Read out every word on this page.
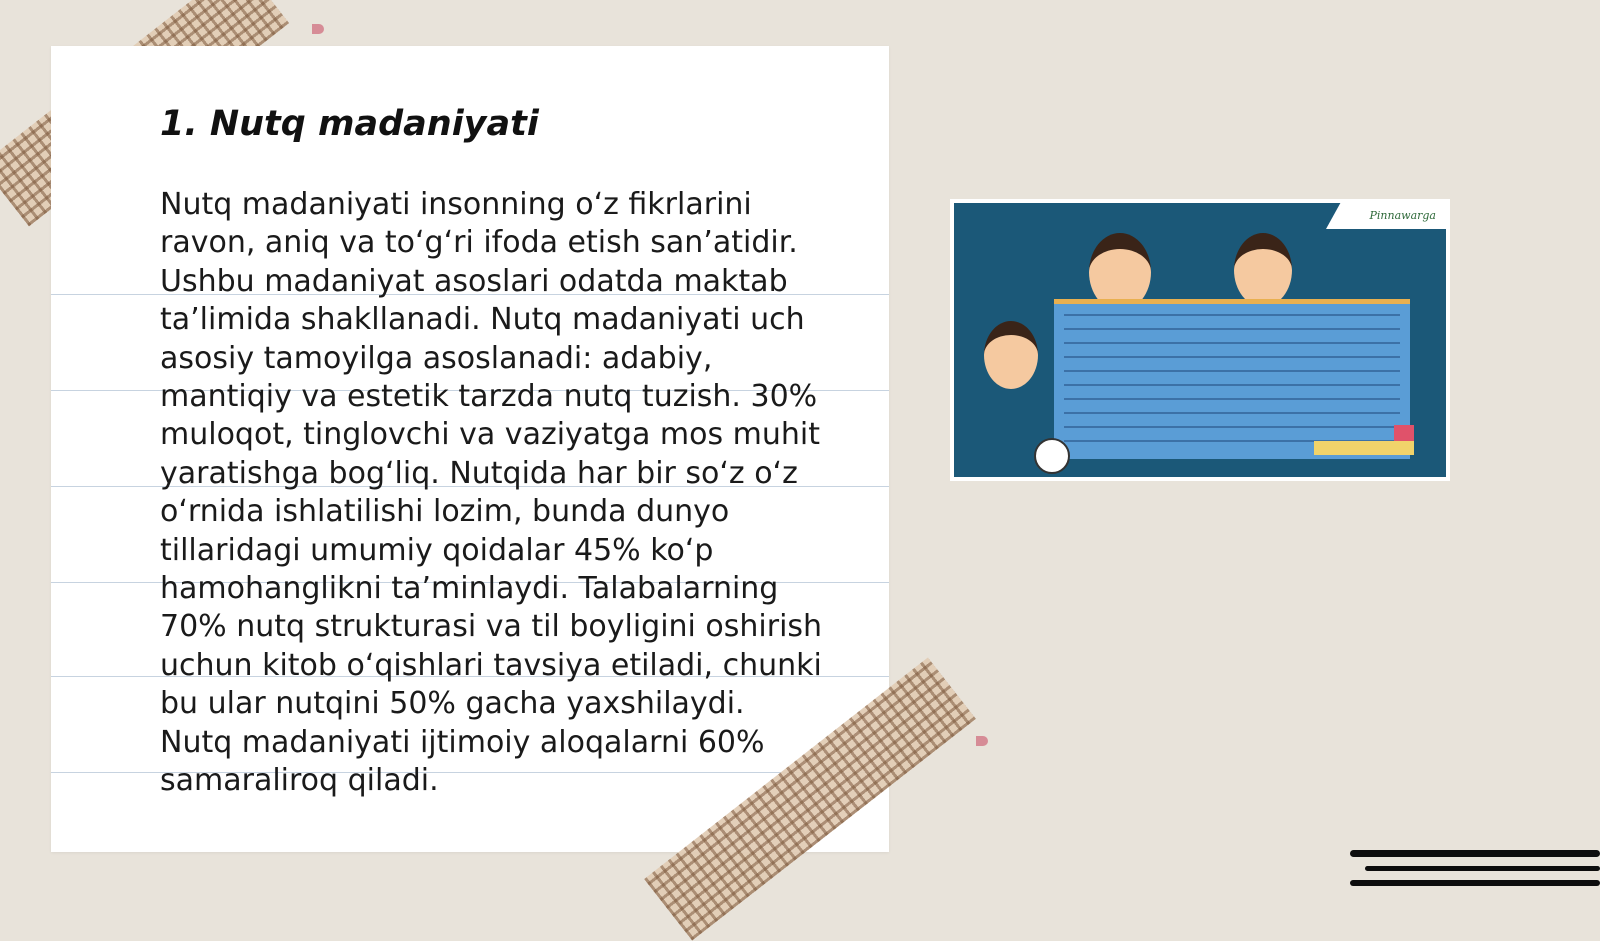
1. Nutq madaniyati

Nutq madaniyati insonning o‘z fikrlarini ravon, aniq va to‘g‘ri ifoda etish san’atidir. Ushbu madaniyat asoslari odatda maktab ta’limida shakllanadi. Nutq madaniyati uch asosiy tamoyilga asoslanadi: adabiy, mantiqiy va estetik tarzda nutq tuzish. 30% muloqot, tinglovchi va vaziyatga mos muhit yaratishga bog‘liq. Nutqida har bir so‘z o‘z o‘rnida ishlatilishi lozim, bunda dunyo tillaridagi umumiy qoidalar 45% ko‘p hamohanglikni ta’minlaydi. Talabalarning 70% nutq strukturasi va til boyligini oshirish uchun kitob o‘qishlari tavsiya etiladi, chunki bu ular nutqini 50% gacha yaxshilaydi. Nutq madaniyati ijtimoiy aloqalarni 60% samaraliroq qiladi.

Pinnawarga
